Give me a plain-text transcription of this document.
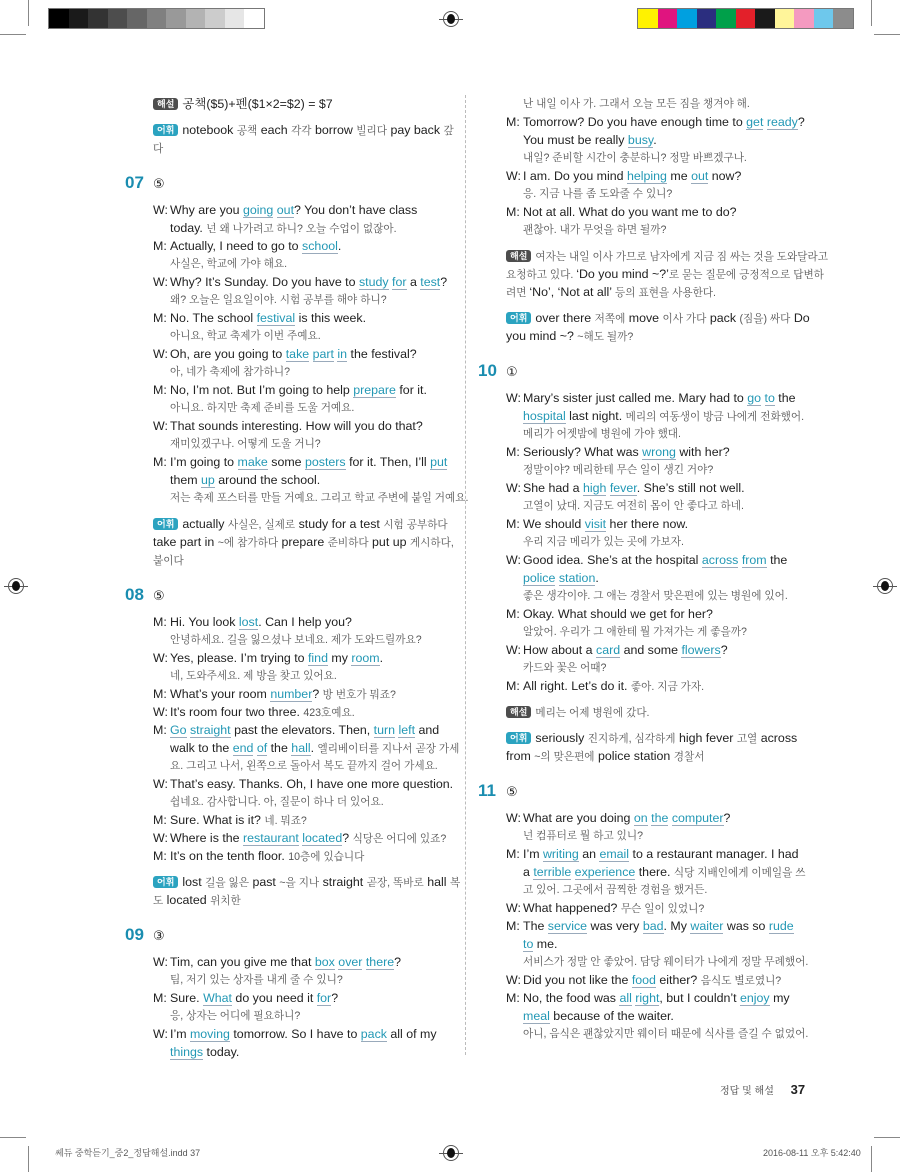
해설 공책($5)+펜($1×2=$2) = $7
어휘 notebook 공책 each 각각 borrow 빌리다 pay back 갚
다
07 ⑤
W: Why are you going out? You don’t have class
today. 넌 왜 나가려고 하니? 오늘 수업이 없잖아.
M: Actually, I need to go to school.
사실은, 학교에 가야 해요.
W: Why? It’s Sunday. Do you have to study for a test?
왜? 오늘은 일요일이야. 시험 공부를 해야 하니?
M: No. The school festival is this week.
아니요, 학교 축제가 이번 주예요.
W: Oh, are you going to take part in the festival?
아, 네가 축제에 참가하니?
M: No, I’m not. But I’m going to help prepare for it.
아니요. 하지만 축제 준비를 도울 거예요.
W: That sounds interesting. How will you do that?
재미있겠구나. 어떻게 도울 거니?
M: I’m going to make some posters for it. Then, I’ll put
them up around the school.
저는 축제 포스터를 만들 거예요. 그리고 학교 주변에 붙일 거예요.
어휘 actually 사실은, 실제로 study for a test 시험 공부하다
take part in ~에 참가하다 prepare 준비하다 put up 게시하다,
붙이다
08 ⑤
M: Hi. You look lost. Can I help you?
안녕하세요. 길을 잃으셨나 보네요. 제가 도와드릴까요?
W: Yes, please. I’m trying to find my room.
네, 도와주세요. 제 방을 찾고 있어요.
M: What’s your room number? 방 번호가 뭐죠?
W: It’s room four two three. 423호예요.
M: Go straight past the elevators. Then, turn left and
walk to the end of the hall. 엘리베이터를 지나서 곧장 가세
요. 그리고 나서, 왼쪽으로 돌아서 복도 끝까지 걸어 가세요.
W: That’s easy. Thanks. Oh, I have one more question.
쉽네요. 감사합니다. 아, 질문이 하나 더 있어요.
M: Sure. What is it? 네. 뭐죠?
W: Where is the restaurant located? 식당은 어디에 있죠?
M: It’s on the tenth floor. 10층에 있습니다
어휘 lost 길을 잃은 past ~을 지나 straight 곧장, 똑바로 hall 복
도 located 위치한
09 ③
W: Tim, can you give me that box over there?
팀, 저기 있는 상자를 내게 줄 수 있니?
M: Sure. What do you need it for?
응, 상자는 어디에 필요하니?
W: I’m moving tomorrow. So I have to pack all of my
things today.
난 내일 이사 가. 그래서 오늘 모든 짐을 챙겨야 해.
M: Tomorrow? Do you have enough time to get ready?
You must be really busy.
내일? 준비할 시간이 충분하니? 정말 바쁘겠구나.
W: I am. Do you mind helping me out now?
응. 지금 나를 좀 도와줄 수 있니?
M: Not at all. What do you want me to do?
괜찮아. 내가 무엇을 하면 될까?
해설 여자는 내일 이사 가므로 남자에게 지금 짐 싸는 것을 도와달라고
요청하고 있다. ‘Do you mind ~?’로 묻는 질문에 긍정적으로 답변하
려면 ‘No’, ‘Not at all’ 등의 표현을 사용한다.
어휘 over there 저쪽에 move 이사 가다 pack (짐을) 싸다 Do
you mind ~? ~해도 될까?
10 ①
W: Mary’s sister just called me. Mary had to go to the
hospital last night. 메리의 여동생이 방금 나에게 전화했어.
메리가 어젯밤에 병원에 가야 했대.
M: Seriously? What was wrong with her?
정말이야? 메리한테 무슨 일이 생긴 거야?
W: She had a high fever. She’s still not well.
고열이 났대. 지금도 여전히 몸이 안 좋다고 하네.
M: We should visit her there now.
우리 지금 메리가 있는 곳에 가보자.
W: Good idea. She’s at the hospital across from the
police station.
좋은 생각이야. 그 애는 경찰서 맞은편에 있는 병원에 있어.
M: Okay. What should we get for her?
알았어. 우리가 그 애한테 뭘 가져가는 게 좋을까?
W: How about a card and some flowers?
카드와 꽃은 어때?
M: All right. Let’s do it. 좋아. 지금 가자.
해설 메리는 어제 병원에 갔다.
어휘 seriously 진지하게, 심각하게 high fever 고열 across
from ~의 맞은편에 police station 경찰서
11 ⑤
W: What are you doing on the computer?
넌 컴퓨터로 뭘 하고 있니?
M: I’m writing an email to a restaurant manager. I had
a terrible experience there. 식당 지배인에게 이메일을 쓰
고 있어. 그곳에서 끔찍한 경험을 했거든.
W: What happened? 무슨 일이 있었니?
M: The service was very bad. My waiter was so rude
to me.
서비스가 정말 안 좋았어. 담당 웨이터가 나에게 정말 무례했어.
W: Did you not like the food either? 음식도 별로였니?
M: No, the food was all right, but I couldn’t enjoy my
meal because of the waiter.
아니, 음식은 괜찮았지만 웨이터 때문에 식사를 즐길 수 없었어.
정답 및 해설 37
쎄듀 중학듣기_중2_정답해설.indd 37	2016-08-11 오후 5:42:40
